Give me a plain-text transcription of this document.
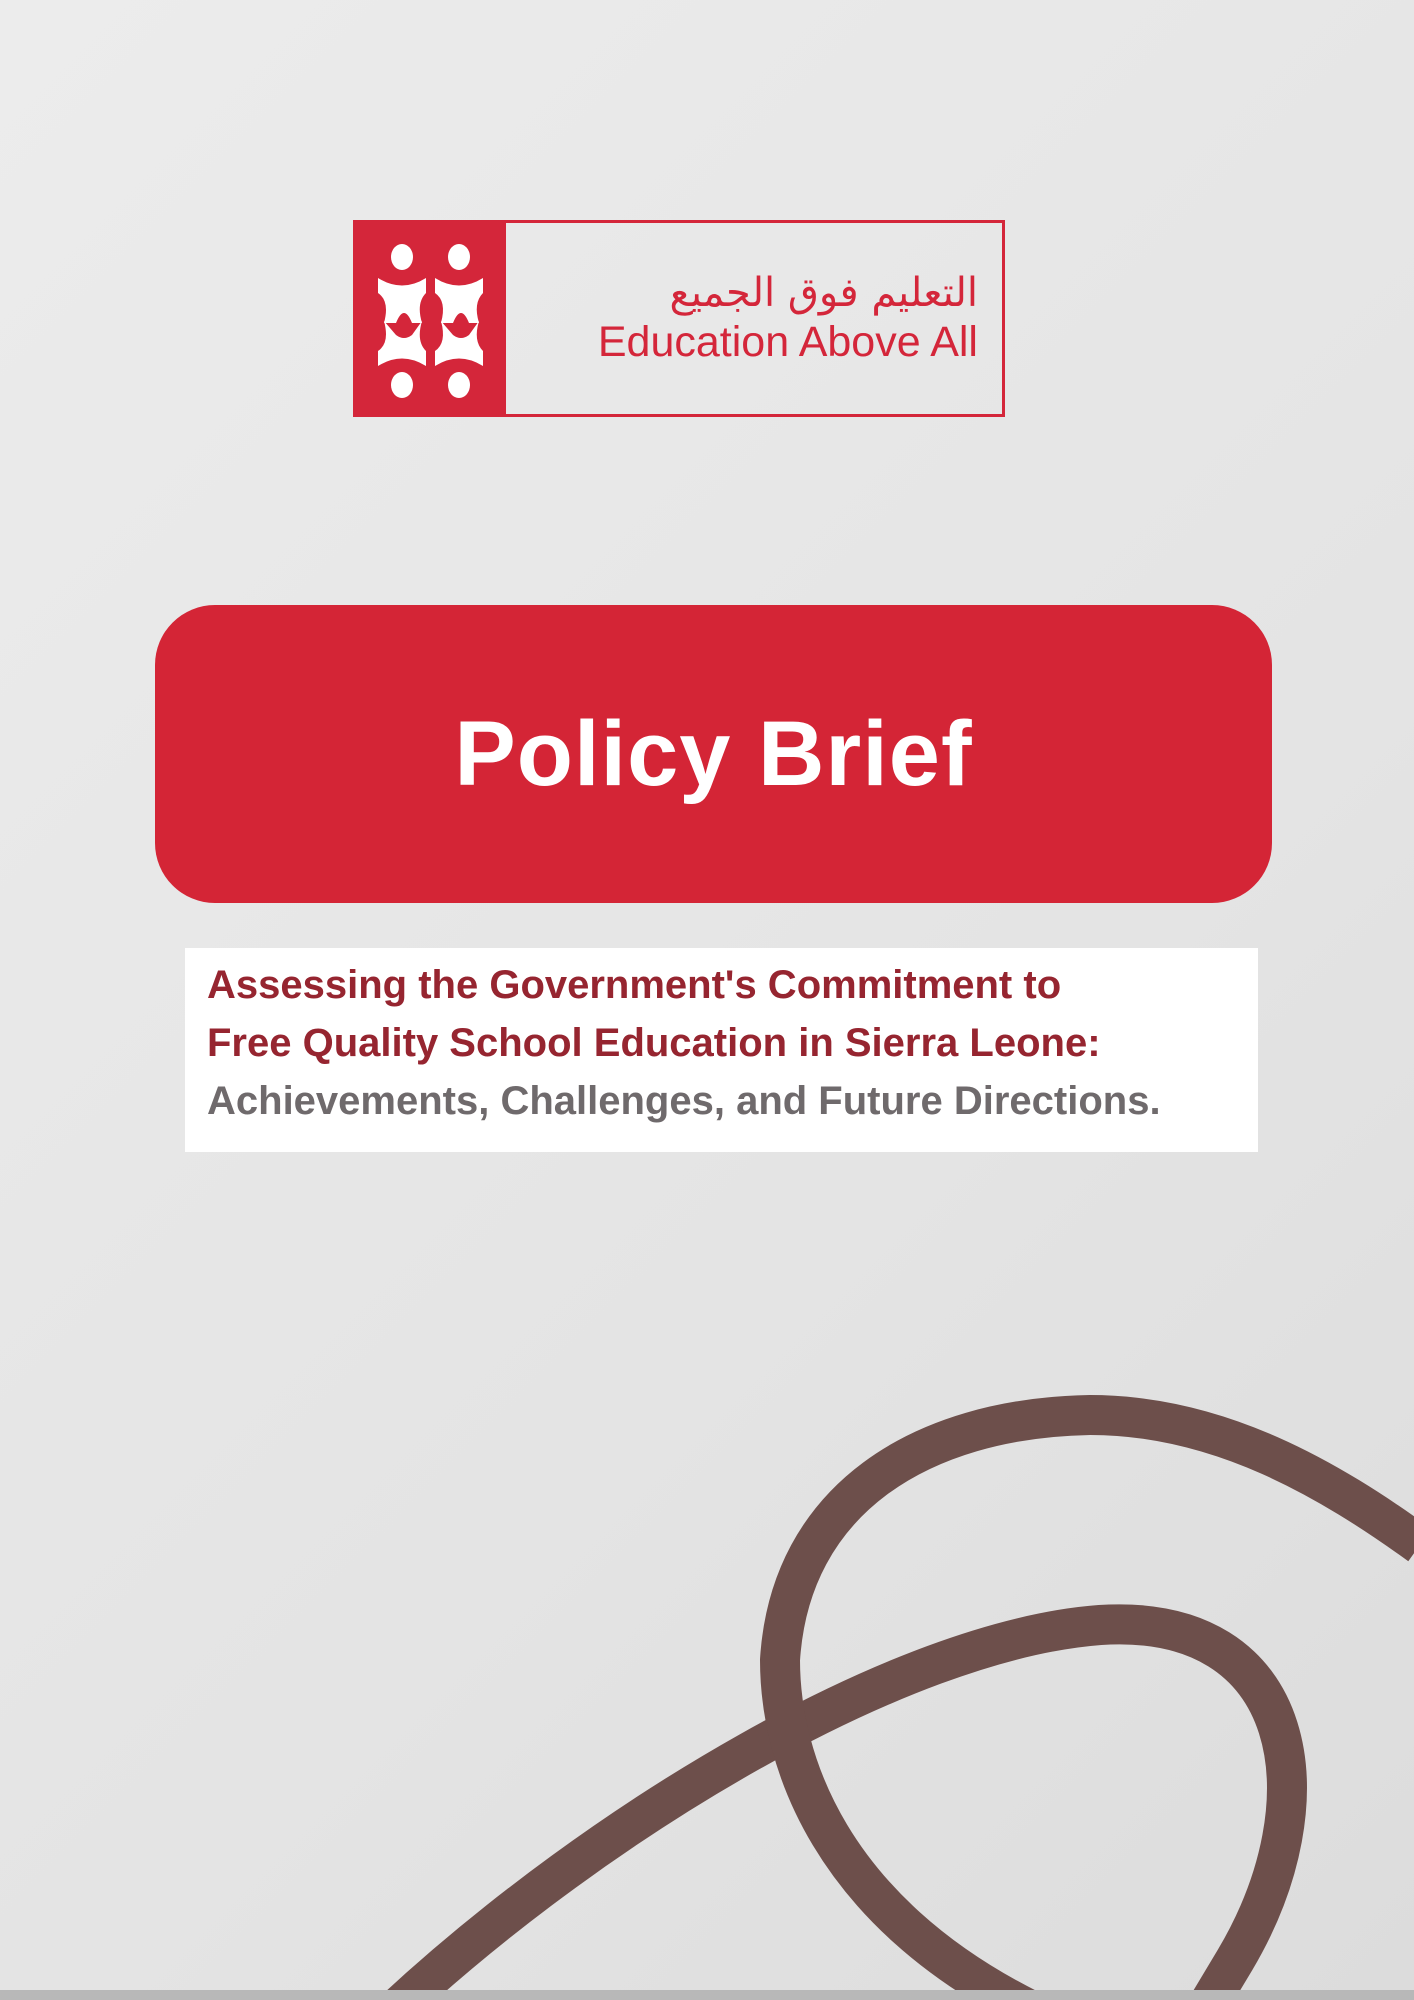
التعليم فوق الجميع
Education Above All
Policy Brief
Assessing the Government's Commitment to
Free Quality School Education in Sierra Leone:
Achievements, Challenges, and Future Directions.
